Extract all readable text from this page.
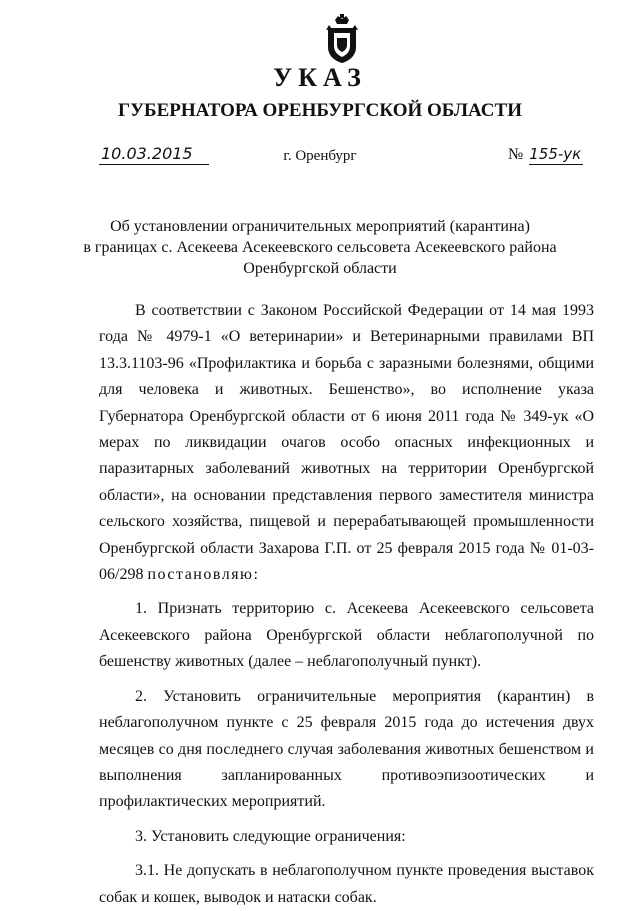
УКАЗ
ГУБЕРНАТОРА ОРЕНБУРГСКОЙ ОБЛАСТИ
10.03.2015	г. Оренбург	№ 155-ук
Об установлении ограничительных мероприятий (карантина)
в границах с. Асекеева Асекеевского сельсовета Асекеевского района
Оренбургской области

В соответствии с Законом Российской Федерации от 14 мая 1993 года № 4979-1 «О ветеринарии» и Ветеринарными правилами ВП 13.3.1103-96 «Профилактика и борьба с заразными болезнями, общими для человека и животных. Бешенство», во исполнение указа Губернатора Оренбургской области от 6 июня 2011 года № 349-ук «О мерах по ликвидации очагов особо опасных инфекционных и паразитарных заболеваний животных на территории Оренбургской области», на основании представления первого заместителя министра сельского хозяйства, пищевой и перерабатывающей промышленности Оренбургской области Захарова Г.П. от 25 февраля 2015 года № 01-03-06/298 постановляю:

1. Признать территорию с. Асекеева Асекеевского сельсовета Асекеевского района Оренбургской области неблагополучной по бешенству животных (далее – неблагополучный пункт).

2. Установить ограничительные мероприятия (карантин) в неблагополучном пункте с 25 февраля 2015 года до истечения двух месяцев со дня последнего случая заболевания животных бешенством и выполнения запланированных противоэпизоотических и профилактических мероприятий.

3. Установить следующие ограничения:

3.1. Не допускать в неблагополучном пункте проведения выставок собак и кошек, выводок и натаски собак.
